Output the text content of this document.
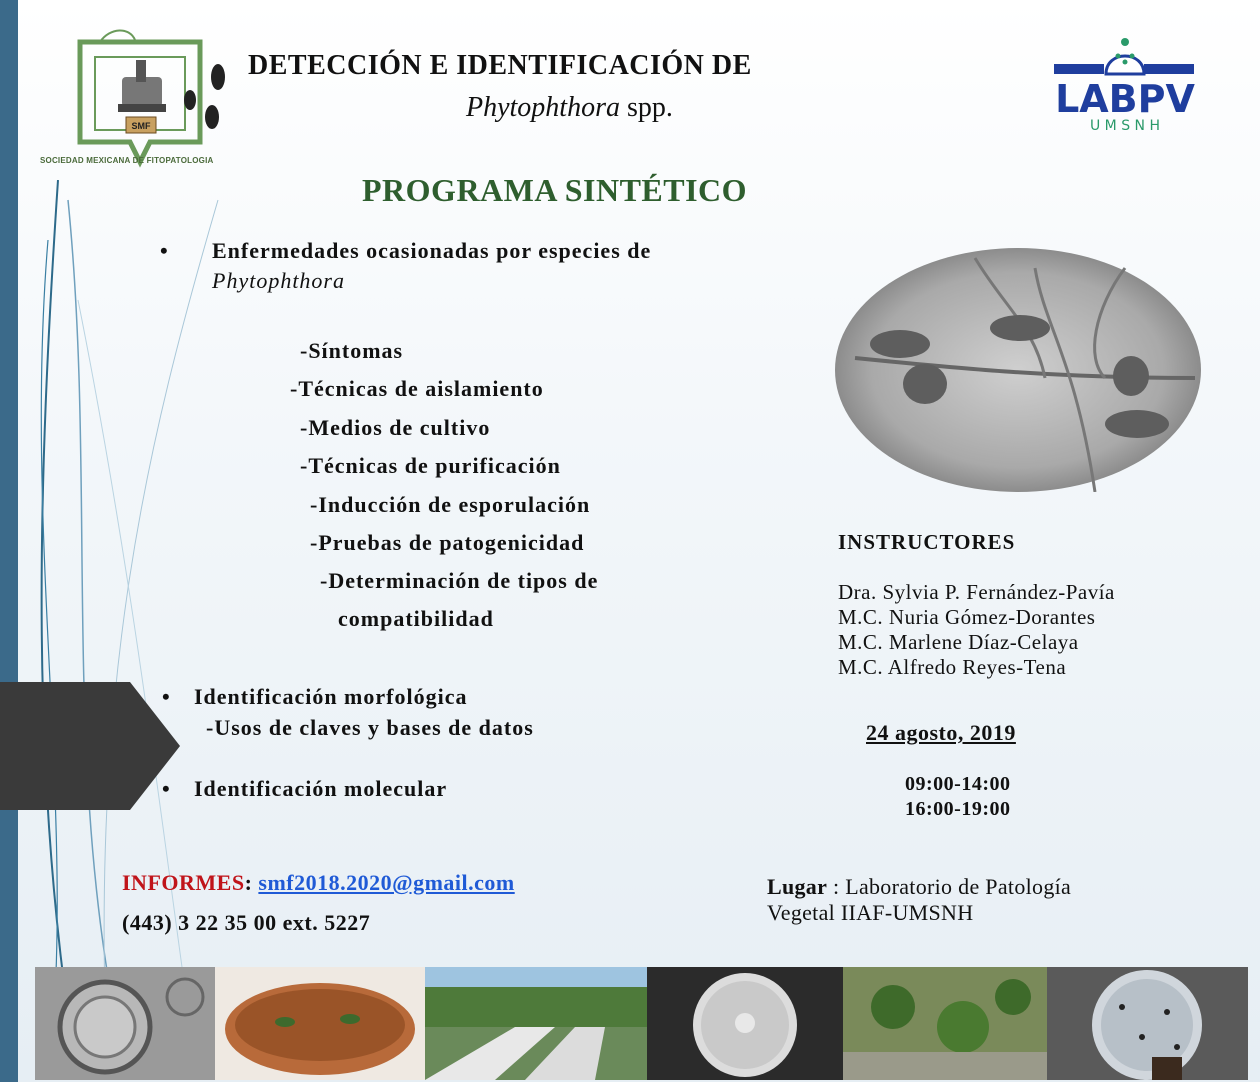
SMF
SOCIEDAD MEXICANA DE FITOPATOLOGIA
DETECCIÓN E IDENTIFICACIÓN DE
Phytophthora spp.	LABPV
U M S N H
PROGRAMA SINTÉTICO
• Enfermedades ocasionadas por especies de
Phytophthora
-Síntomas
-Técnicas de aislamiento
-Medios de cultivo
-Técnicas de purificación
-Inducción de esporulación
-Pruebas de patogenicidad
-Determinación de tipos de
compatibilidad
• Identificación morfológica
-Usos de claves y bases de datos
• Identificación molecular
INSTRUCTORES
Dra. Sylvia P. Fernández-Pavía
M.C. Nuria Gómez-Dorantes
M.C. Marlene Díaz-Celaya
M.C. Alfredo Reyes-Tena
24 agosto, 2019
09:00-14:00
16:00-19:00
INFORMES: smf2018.2020@gmail.com
(443) 3 22 35 00 ext. 5227
Lugar : Laboratorio de Patología
Vegetal IIAF-UMSNH
